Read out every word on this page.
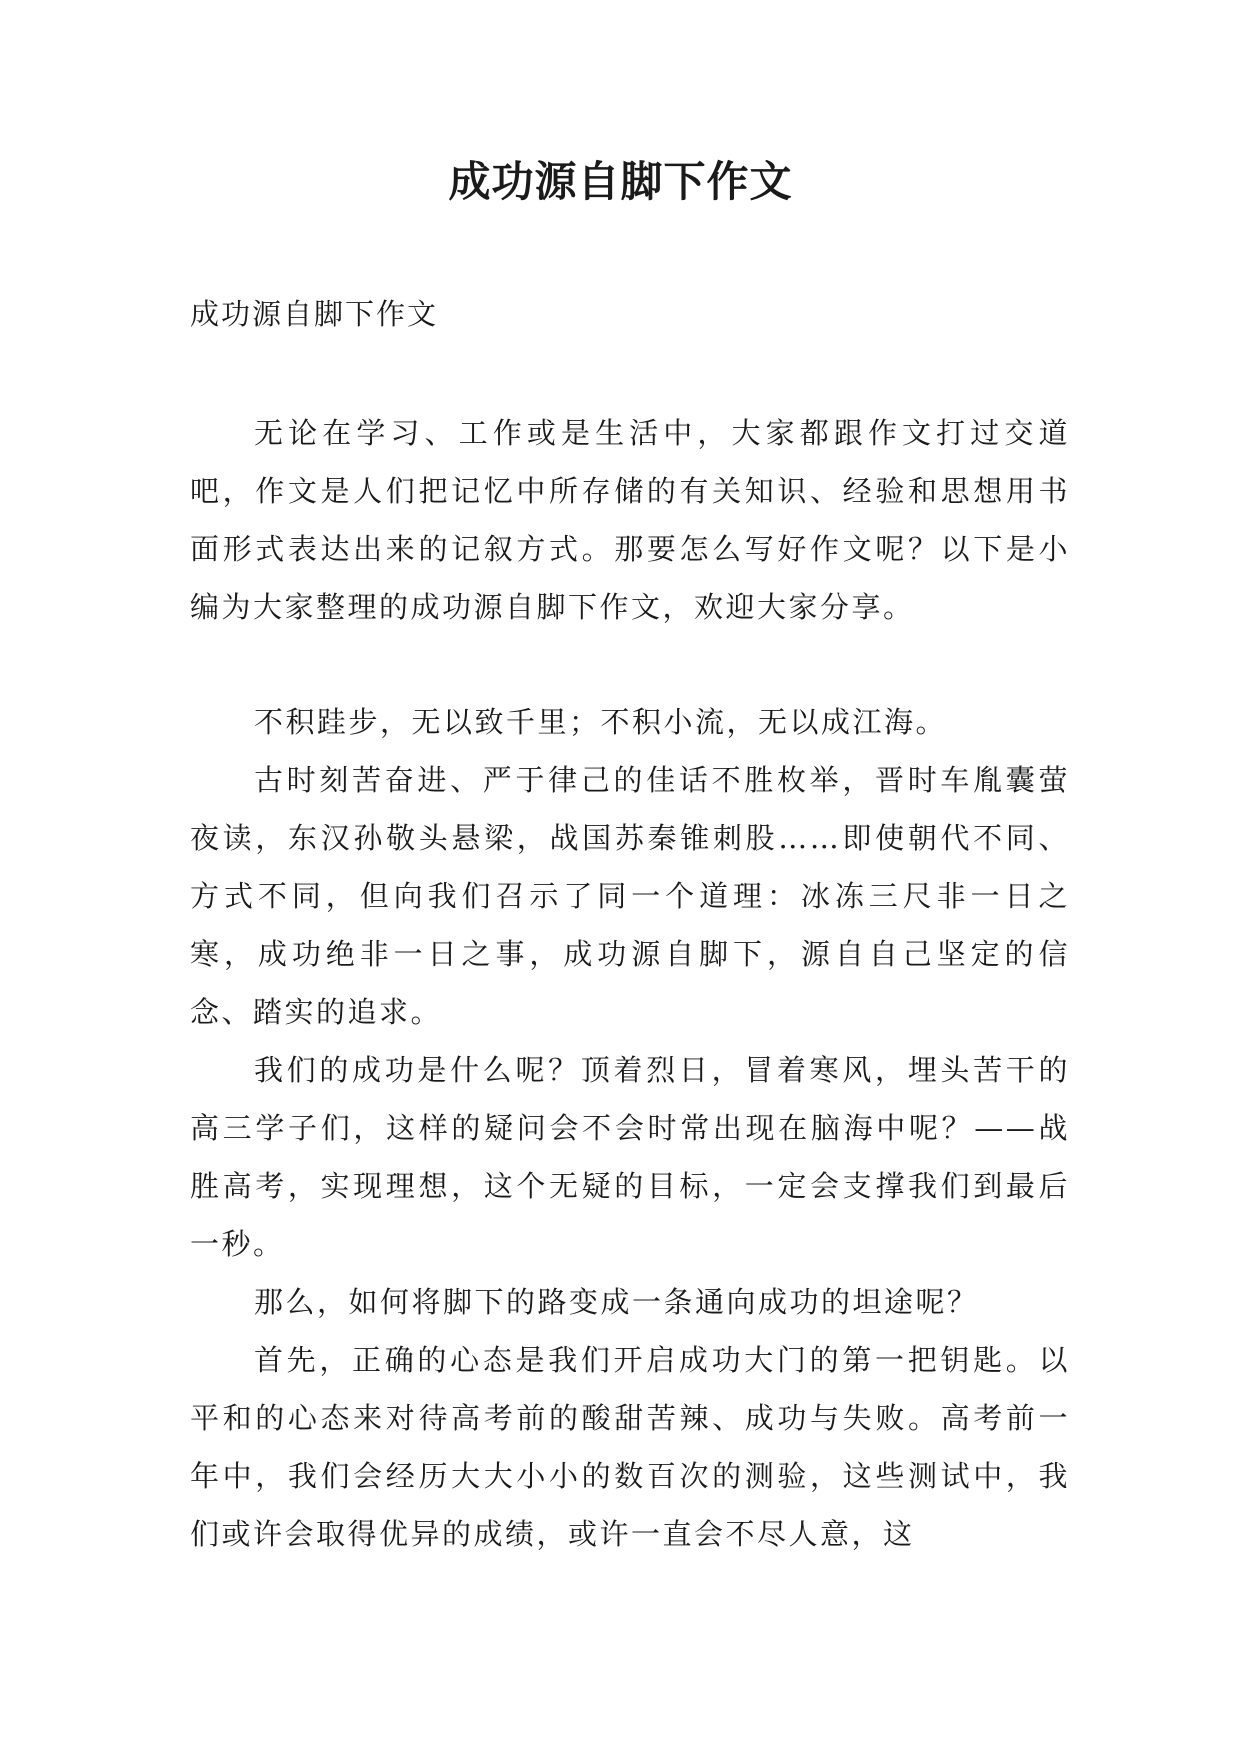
成功源自脚下作文

成功源自脚下作文

无论在学习、工作或是生活中，大家都跟作文打过交道吧，作文是人们把记忆中所存储的有关知识、经验和思想用书面形式表达出来的记叙方式。那要怎么写好作文呢？以下是小编为大家整理的成功源自脚下作文，欢迎大家分享。

不积跬步，无以致千里；不积小流，无以成江海。

古时刻苦奋进、严于律己的佳话不胜枚举，晋时车胤囊萤夜读，东汉孙敬头悬梁，战国苏秦锥刺股……即使朝代不同、方式不同，但向我们召示了同一个道理：冰冻三尺非一日之寒，成功绝非一日之事，成功源自脚下，源自自己坚定的信念、踏实的追求。

我们的成功是什么呢？顶着烈日，冒着寒风，埋头苦干的高三学子们，这样的疑问会不会时常出现在脑海中呢？——战胜高考，实现理想，这个无疑的目标，一定会支撑我们到最后一秒。

那么，如何将脚下的路变成一条通向成功的坦途呢？

首先，正确的心态是我们开启成功大门的第一把钥匙。以平和的心态来对待高考前的酸甜苦辣、成功与失败。高考前一年中，我们会经历大大小小的数百次的测验，这些测试中，我们或许会取得优异的成绩，或许一直会不尽人意，这
